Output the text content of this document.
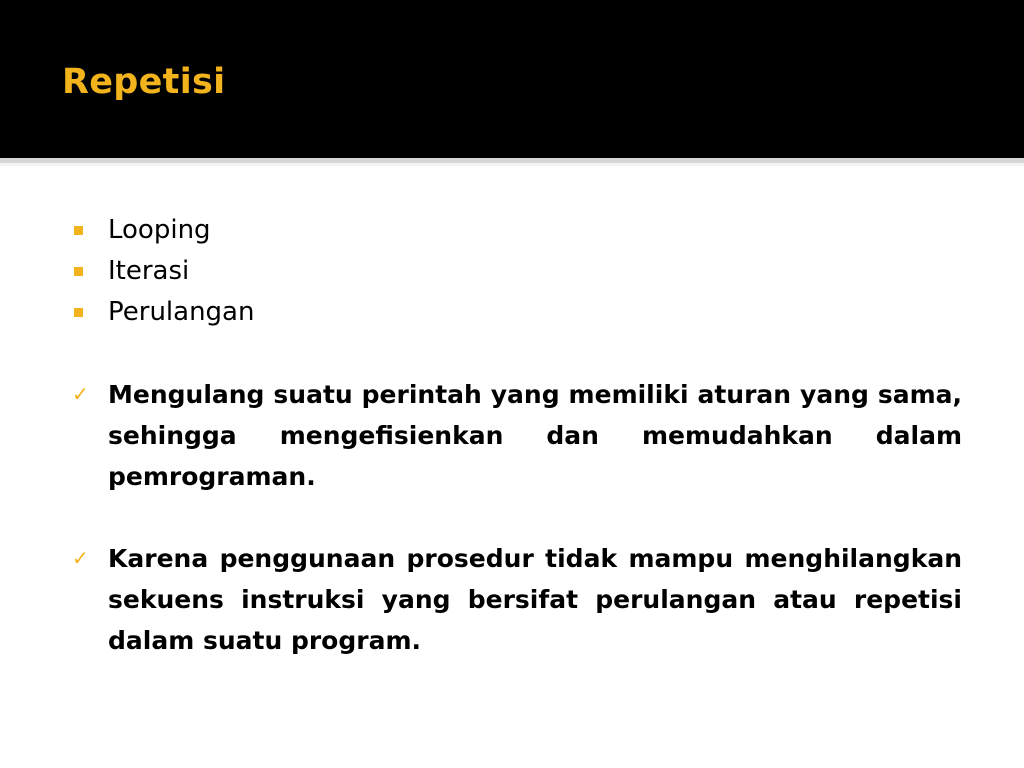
Repetisi
Looping
Iterasi
Perulangan
✓ Mengulang suatu perintah yang memiliki aturan yang sama, sehingga mengefisienkan dan memudahkan dalam pemrograman.
✓ Karena penggunaan prosedur tidak mampu menghilangkan sekuens instruksi yang bersifat perulangan atau repetisi dalam suatu program.
